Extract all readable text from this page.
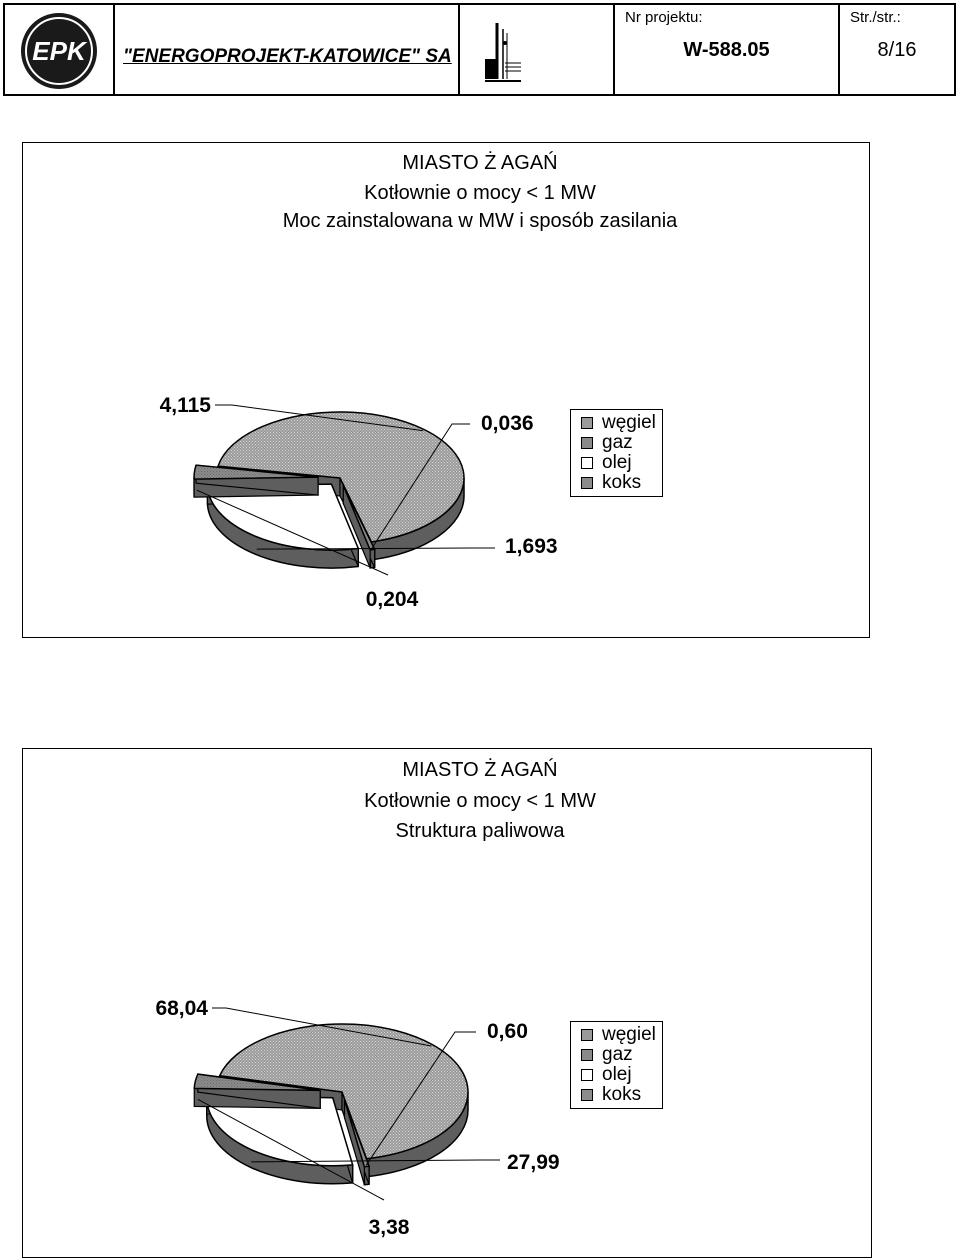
EPK "ENERGOPROJEKT-KATOWICE" SA
Nr projektu:
W-588.05
Str./str.:
8/16
MIASTO Ż AGAŃ
Kotłownie o mocy < 1 MW
Moc zainstalowana w MW i sposób zasilania
MIASTO Ż AGAŃ
Kotłownie o mocy < 1 MW
Struktura paliwowa
4,115
0,036
1,693
0,204
68,04
0,60
27,99
3,38
węgiel
gaz
olej
koks
węgiel
gaz
olej
koks
